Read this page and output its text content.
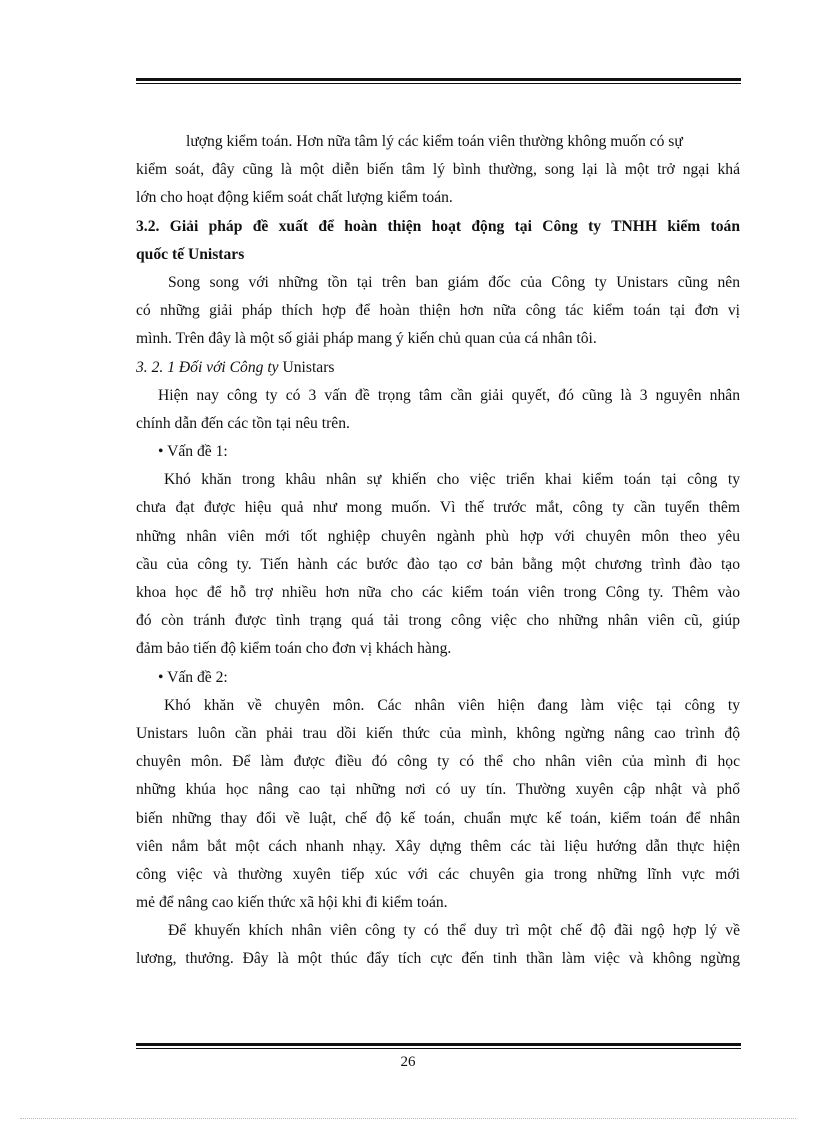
lượng kiểm toán. Hơn nữa tâm lý các kiểm toán viên thường không muốn có sự
kiểm soát, đây cũng là một diễn biến tâm lý bình thường, song lại là một trở ngại khá
lớn cho hoạt động kiểm soát chất lượng kiểm toán.
3.2. Giải pháp đề xuất để hoàn thiện hoạt động tại Công ty TNHH kiểm toán
quốc tế Unistars
Song song với những tồn tại trên ban giám đốc của Công ty Unistars cũng nên
có những giải pháp thích hợp để hoàn thiện hơn nữa công tác kiểm toán tại đơn vị
mình. Trên đây là một số giải pháp mang ý kiến chủ quan của cá nhân tôi.
3. 2. 1 Đối với Công ty Unistars
Hiện nay công ty có 3 vấn đề trọng tâm cần giải quyết, đó cũng là 3 nguyên nhân
chính dẫn đến các tồn tại nêu trên.
• Vấn đề 1:
Khó khăn trong khâu nhân sự khiến cho việc triển khai kiểm toán tại công ty
chưa đạt được hiệu quả như mong muốn. Vì thế trước mắt, công ty cần tuyển thêm
những nhân viên mới tốt nghiệp chuyên ngành phù hợp với chuyên môn theo yêu
cầu của công ty. Tiến hành các bước đào tạo cơ bản bằng một chương trình đào tạo
khoa học để hỗ trợ nhiều hơn nữa cho các kiểm toán viên trong Công ty. Thêm vào
đó còn tránh được tình trạng quá tải trong công việc cho những nhân viên cũ, giúp
đảm bảo tiến độ kiểm toán cho đơn vị khách hàng.
• Vấn đề 2:
Khó khăn về chuyên môn. Các nhân viên hiện đang làm việc tại công ty
Unistars luôn cần phải trau dồi kiến thức của mình, không ngừng nâng cao trình độ
chuyên môn. Để làm được điều đó công ty có thể cho nhân viên của mình đi học
những khúa học nâng cao tại những nơi có uy tín. Thường xuyên cập nhật và phổ
biến những thay đổi về luật, chế độ kế toán, chuẩn mực kế toán, kiểm toán để nhân
viên nắm bắt một cách nhanh nhạy. Xây dựng thêm các tài liệu hướng dẫn thực hiện
công việc và thường xuyên tiếp xúc với các chuyên gia trong những lĩnh vực mới
mẻ để nâng cao kiến thức xã hội khi đi kiểm toán.
Để khuyến khích nhân viên công ty có thể duy trì một chế độ đãi ngộ hợp lý về
lương, thưởng. Đây là một thúc đẩy tích cực đến tinh thần làm việc và không ngừng
26
